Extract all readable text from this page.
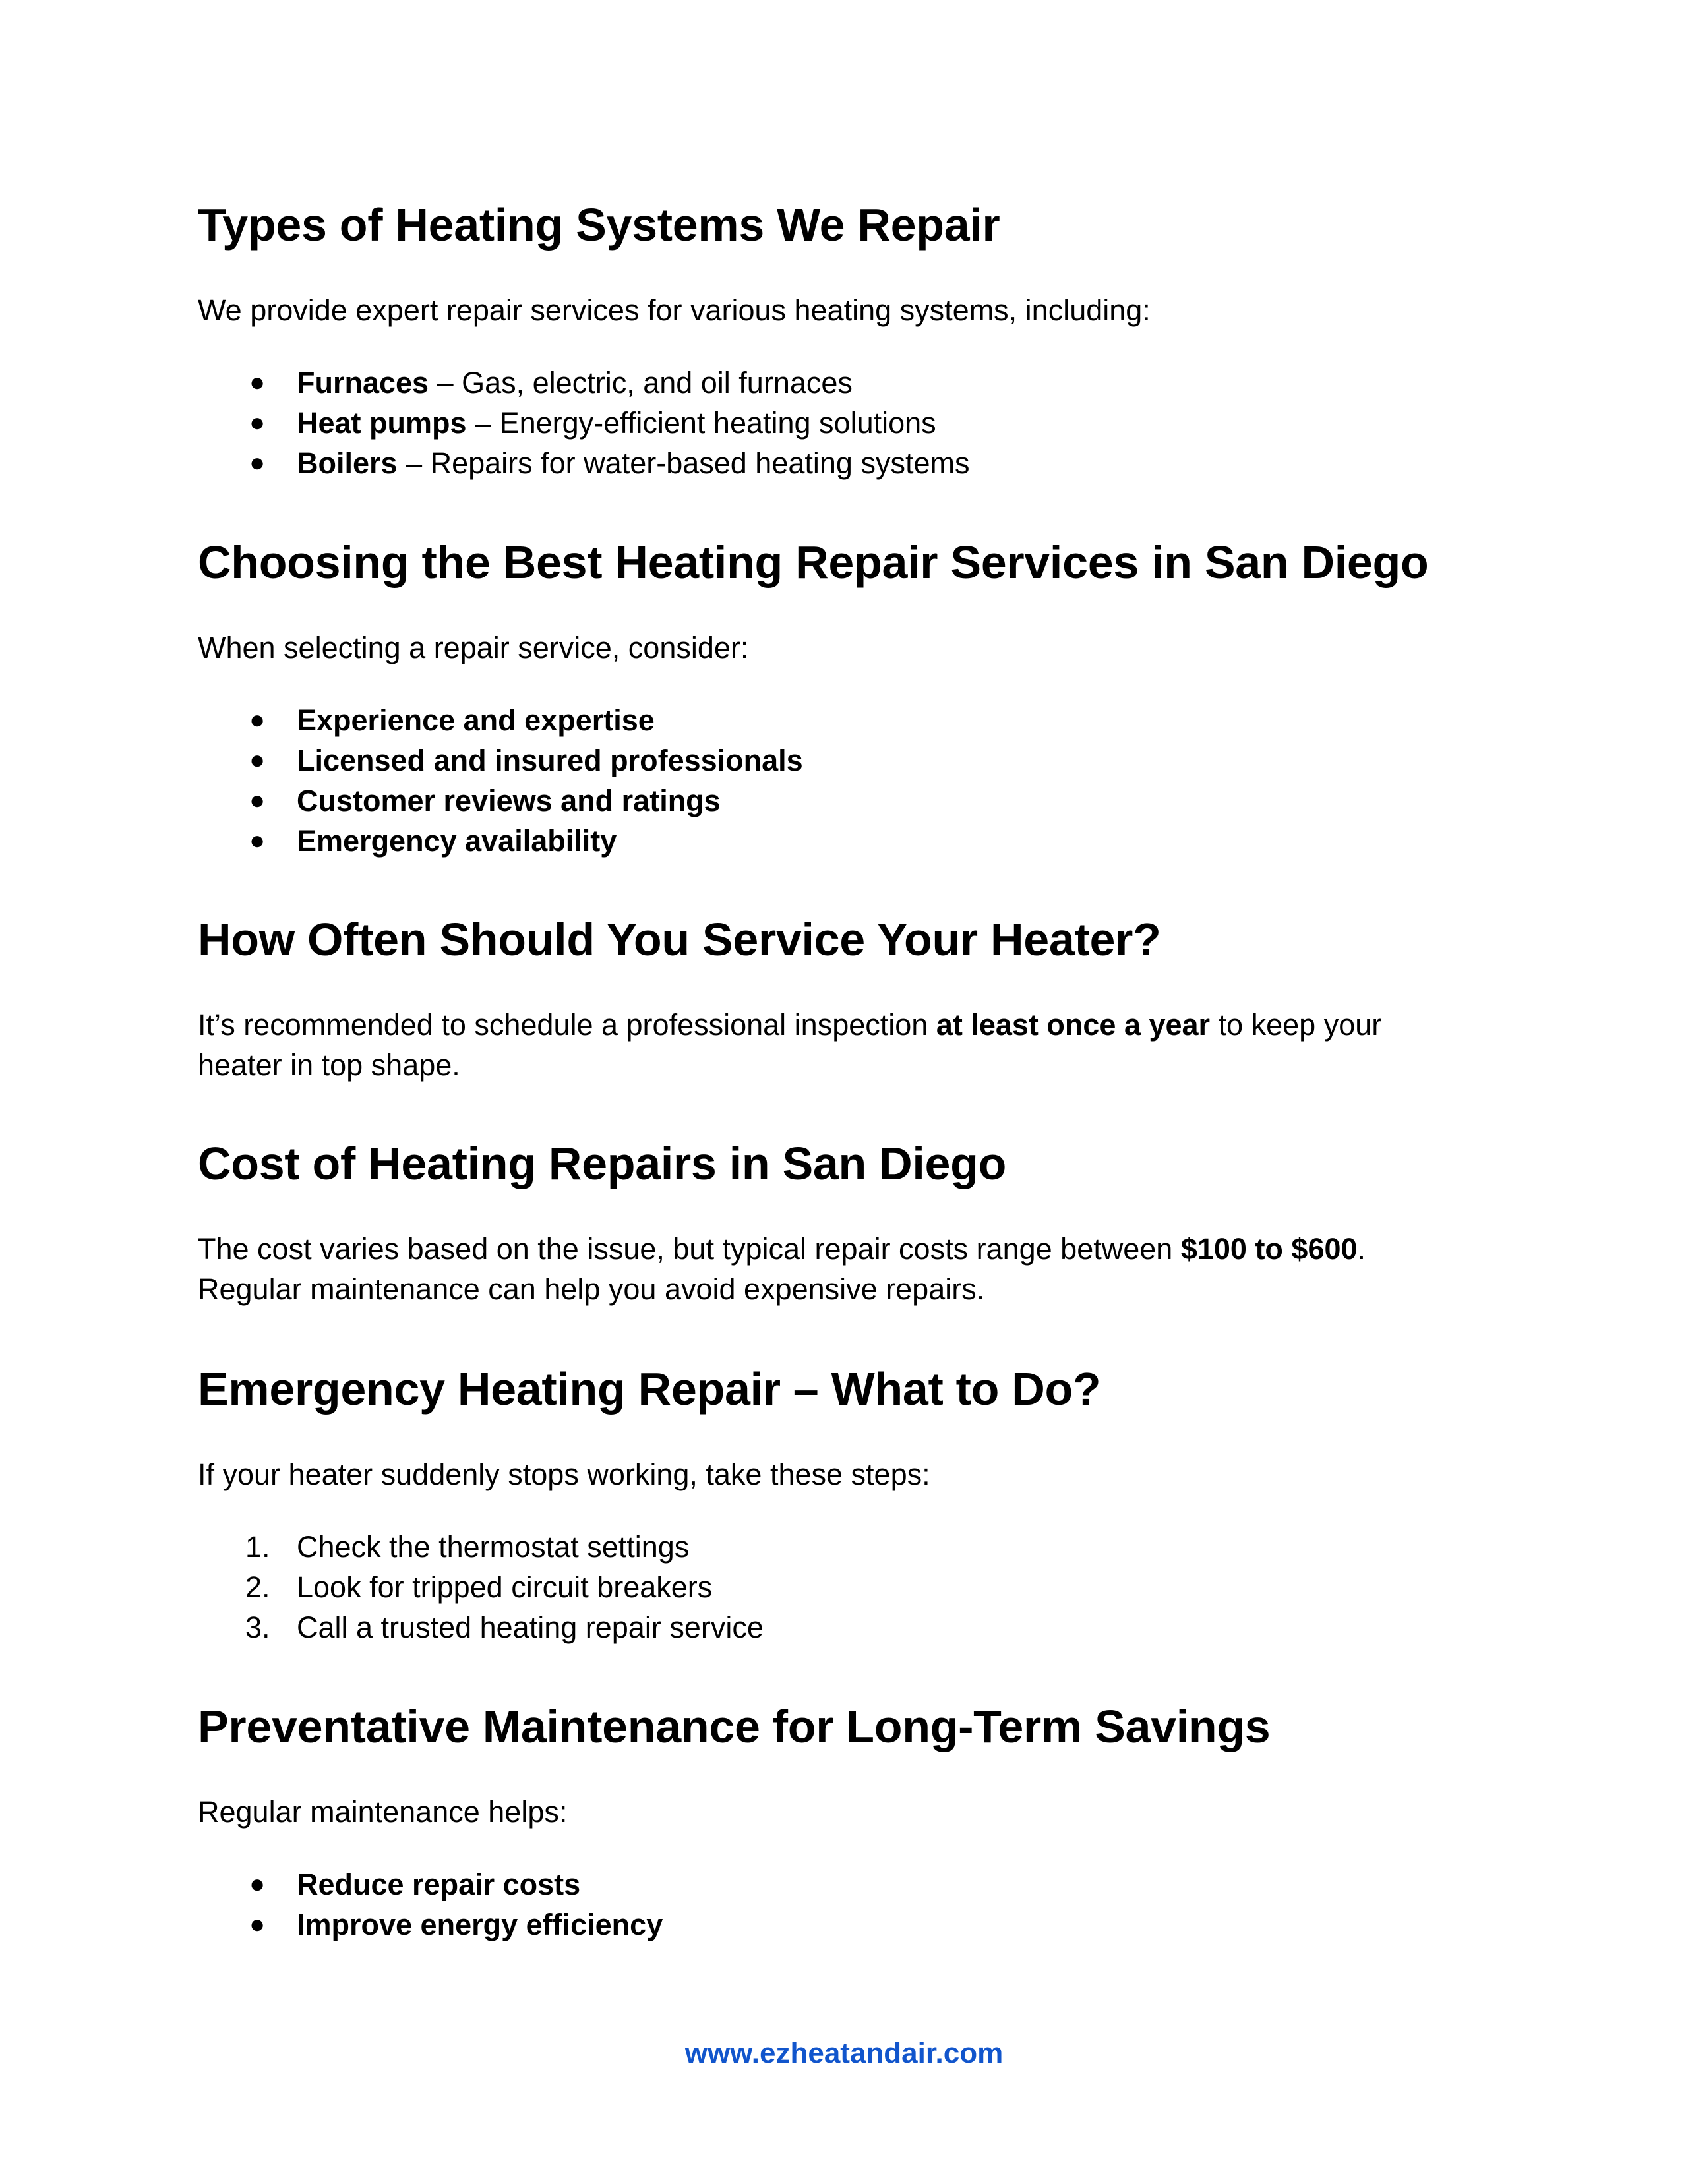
Types of Heating Systems We Repair

We provide expert repair services for various heating systems, including:

●	Furnaces – Gas, electric, and oil furnaces
●	Heat pumps – Energy-efficient heating solutions
●	Boilers – Repairs for water-based heating systems
Choosing the Best Heating Repair Services in San Diego

When selecting a repair service, consider:

●	Experience and expertise
●	Licensed and insured professionals
●	Customer reviews and ratings
●	Emergency availability
How Often Should You Service Your Heater?

It’s recommended to schedule a professional inspection at least once a year to keep your
heater in top shape.

Cost of Heating Repairs in San Diego

The cost varies based on the issue, but typical repair costs range between $100 to $600.
Regular maintenance can help you avoid expensive repairs.

Emergency Heating Repair – What to Do?

If your heater suddenly stops working, take these steps:

1. Check the thermostat settings
2. Look for tripped circuit breakers
3. Call a trusted heating repair service
Preventative Maintenance for Long-Term Savings

Regular maintenance helps:

●	Reduce repair costs
●	Improve energy efficiency
www.ezheatandair.com
